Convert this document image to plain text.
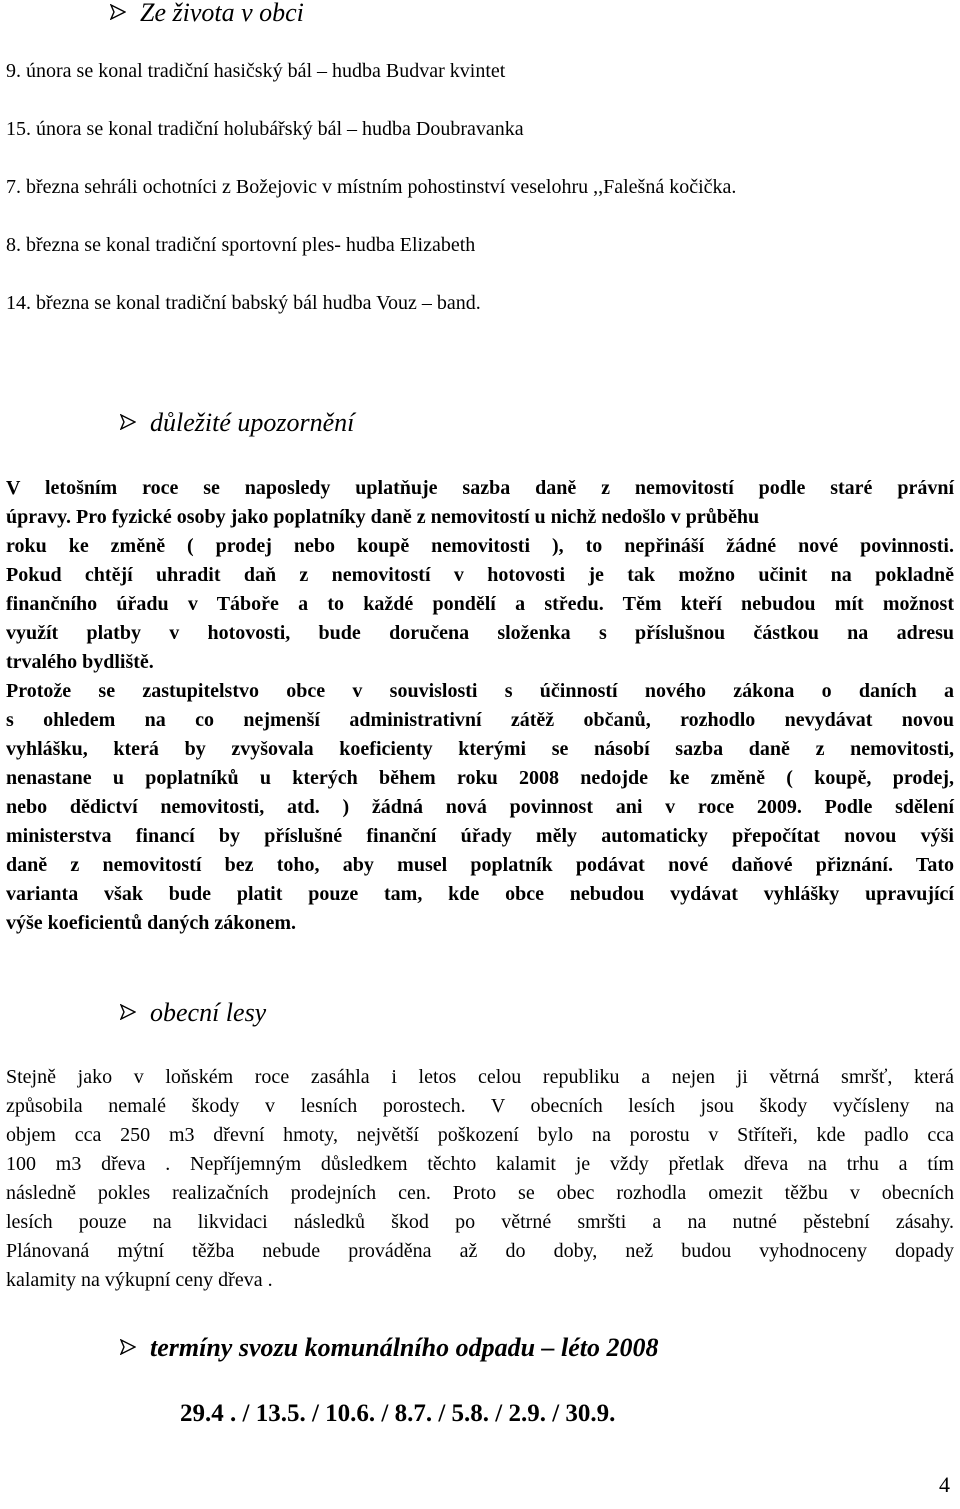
Ze života v obci
9. února se konal tradiční hasičský bál – hudba Budvar kvintet
15. února se konal tradiční holubářský bál – hudba Doubravanka
7. března sehráli ochotníci z Božejovic v místním pohostinství veselohru ,,Falešná kočička.
8. března se konal tradiční sportovní ples- hudba Elizabeth
14. března se konal tradiční babský bál hudba Vouz – band.
důležité upozornění
V letošním roce se naposledy uplatňuje sazba daně z nemovitostí podle staré právní
úpravy. Pro fyzické osoby jako poplatníky daně z nemovitostí u nichž nedošlo v průběhu
roku ke změně ( prodej nebo koupě nemovitosti ), to nepřináší žádné nové povinnosti.
Pokud chtějí uhradit daň z nemovitostí v hotovosti je tak možno učinit na pokladně
finančního úřadu v Táboře a to každé pondělí a středu. Těm kteří nebudou mít možnost
využít platby v hotovosti, bude doručena složenka s příslušnou částkou na adresu
trvalého bydliště.
Protože se zastupitelstvo obce v souvislosti s účinností nového zákona o daních a
s ohledem na co nejmenší administrativní zátěž občanů, rozhodlo nevydávat novou
vyhlášku, která by zvyšovala koeficienty kterými se násobí sazba daně z nemovitosti,
nenastane u poplatníků u kterých během roku 2008 nedojde ke změně ( koupě, prodej,
nebo dědictví nemovitosti, atd. ) žádná nová povinnost ani v roce 2009. Podle sdělení
ministerstva financí by příslušné finanční úřady měly automaticky přepočítat novou výši
daně z nemovitostí bez toho, aby musel poplatník podávat nové daňové přiznání. Tato
varianta však bude platit pouze tam, kde obce nebudou vydávat vyhlášky upravující
výše koeficientů daných zákonem.
obecní lesy
Stejně jako v loňském roce zasáhla i letos celou republiku a nejen ji větrná smršť, která
způsobila nemalé škody v lesních porostech. V obecních lesích jsou škody vyčísleny na
objem cca 250 m3 dřevní hmoty, největší poškození bylo na porostu v Stříteři, kde padlo cca
100 m3 dřeva . Nepříjemným důsledkem těchto kalamit je vždy přetlak dřeva na trhu a tím
následně pokles realizačních prodejních cen. Proto se obec rozhodla omezit těžbu v obecních
lesích pouze na likvidaci následků škod po větrné smršti a na nutné pěstební zásahy.
Plánovaná mýtní těžba nebude prováděna až do doby, než budou vyhodnoceny dopady
kalamity na výkupní ceny dřeva .
termíny svozu komunálního odpadu – léto 2008
29.4 . / 13.5. / 10.6. / 8.7. / 5.8. / 2.9. / 30.9.
4
